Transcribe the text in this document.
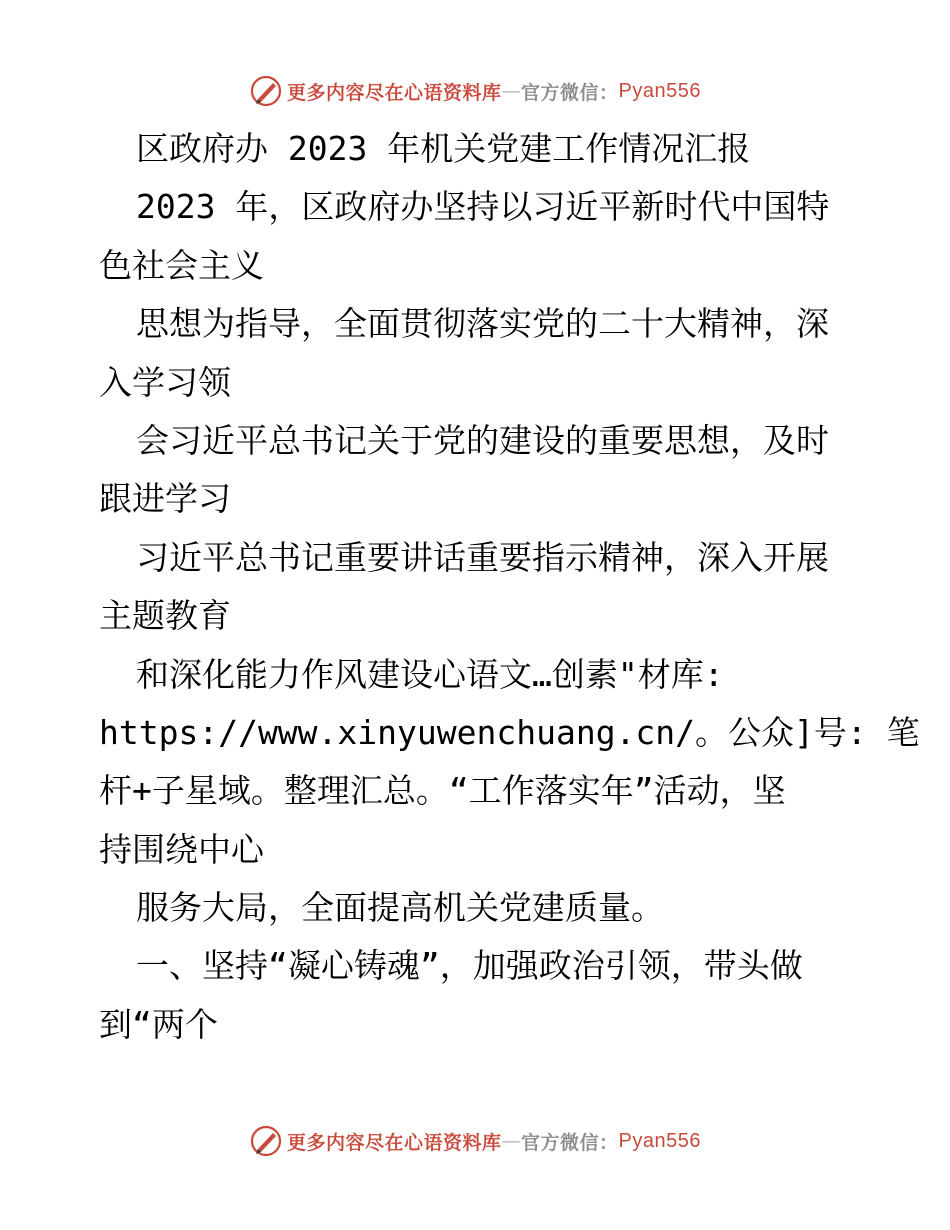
更多内容尽在心语资料库 — 官方微信： Pyan556
区政府办 2023 年机关党建工作情况汇报
2023 年，区政府办坚持以习近平新时代中国特
色社会主义
思想为指导，全面贯彻落实党的二十大精神，深
入学习领
会习近平总书记关于党的建设的重要思想，及时
跟进学习
习近平总书记重要讲话重要指示精神，深入开展
主题教育
和深化能力作风建设心语文…创素"材库:
https://www.xinyuwenchuang.cn/。公众]号: 笔
杆+子星域。整理汇总。“工作落实年”活动，坚
持围绕中心
服务大局，全面提高机关党建质量。
一、坚持“凝心铸魂”，加强政治引领，带头做
到“两个
更多内容尽在心语资料库 — 官方微信： Pyan556
